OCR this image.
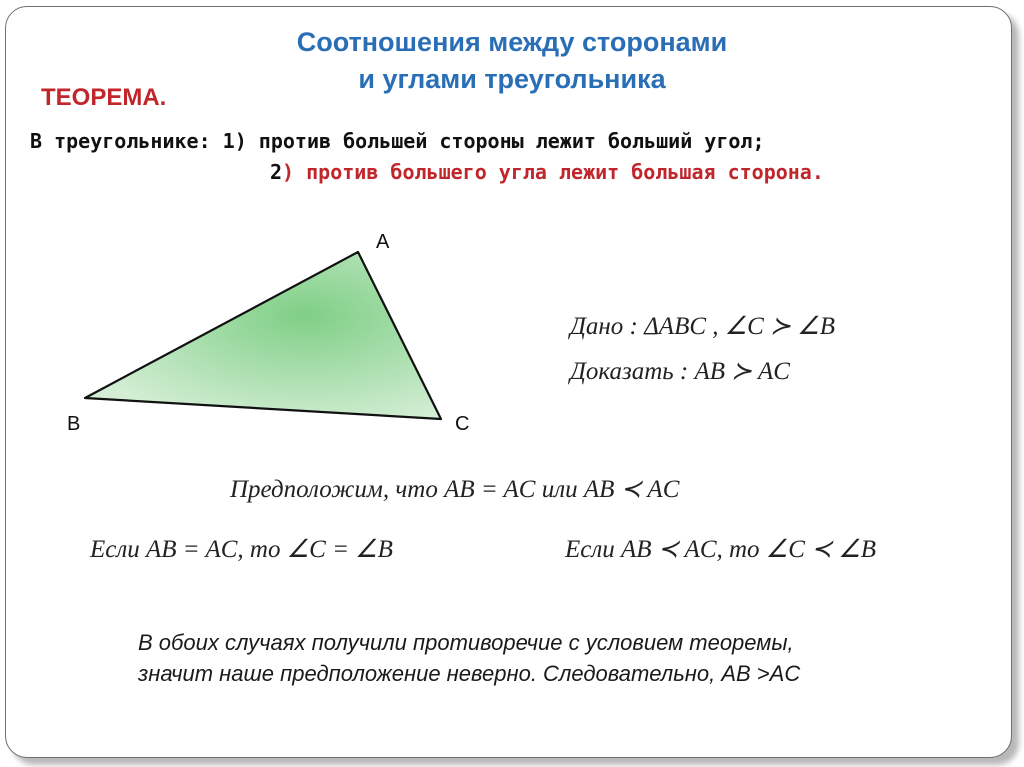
Соотношения между сторонами
и углами треугольника
ТЕОРЕМА.
В треугольнике: 1) против большей стороны лежит больший угол;
2) против большего угла лежит большая сторона.
A
B	C
Дано : ΔABC , ∠C ≻ ∠B
Доказать : AB ≻ AC
Предположим, что AB = AC или AB ≺ AC
Если AB = AC, то ∠C = ∠B	Если AB ≺ AC, то ∠C ≺ ∠B
В обоих случаях получили противоречие с условием теоремы,
значит наше предположение неверно. Следовательно, AB >AC
